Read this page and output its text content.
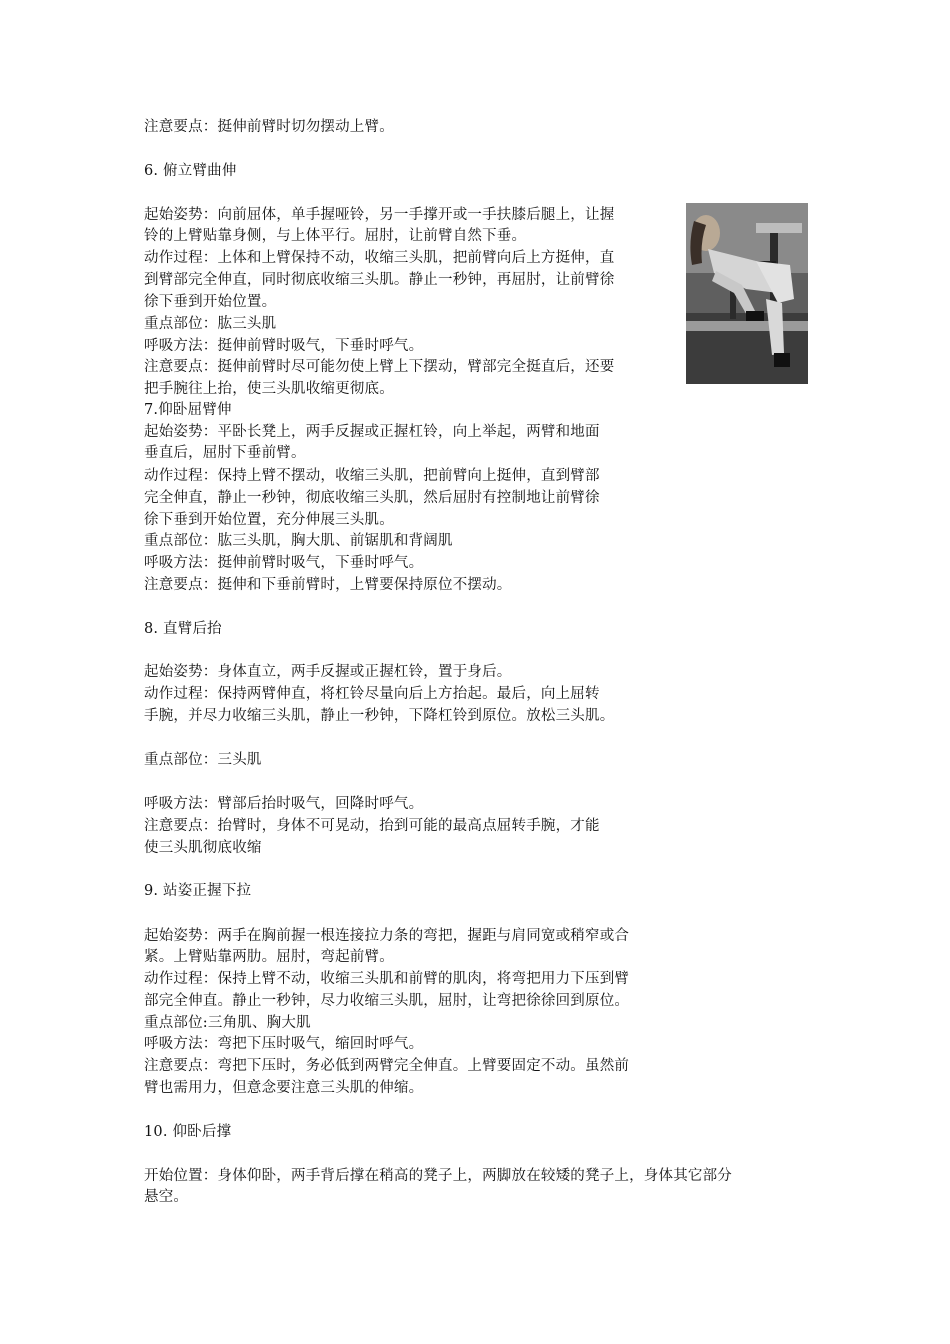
注意要点：挺伸前臂时切勿摆动上臂。
6. 俯立臂曲伸
起始姿势：向前屈体，单手握哑铃，另一手撑开或一手扶膝后腿上，让握
铃的上臂贴靠身侧，与上体平行。屈肘，让前臂自然下垂。
动作过程：上体和上臂保持不动，收缩三头肌，把前臂向后上方挺伸，直
到臂部完全伸直，同时彻底收缩三头肌。静止一秒钟，再屈肘，让前臂徐
徐下垂到开始位置。
重点部位：肱三头肌
呼吸方法：挺伸前臂时吸气，下垂时呼气。
注意要点：挺伸前臂时尽可能勿使上臂上下摆动，臂部完全挺直后，还要
把手腕往上抬，使三头肌收缩更彻底。
7.仰卧屈臂伸
起始姿势：平卧长凳上，两手反握或正握杠铃，向上举起，两臂和地面
垂直后，屈肘下垂前臂。
动作过程：保持上臂不摆动，收缩三头肌，把前臂向上挺伸，直到臂部
完全伸直，静止一秒钟，彻底收缩三头肌，然后屈肘有控制地让前臂徐
徐下垂到开始位置，充分伸展三头肌。
重点部位：肱三头肌，胸大肌、前锯肌和背阔肌
呼吸方法：挺伸前臂时吸气，下垂时呼气。
注意要点：挺伸和下垂前臂时，上臂要保持原位不摆动。
8. 直臂后抬
起始姿势：身体直立，两手反握或正握杠铃，置于身后。
动作过程：保持两臂伸直，将杠铃尽量向后上方抬起。最后，向上屈转
手腕，并尽力收缩三头肌，静止一秒钟，下降杠铃到原位。放松三头肌。
重点部位：三头肌
呼吸方法：臂部后抬时吸气，回降时呼气。
注意要点：抬臂时，身体不可晃动，抬到可能的最高点屈转手腕，才能
使三头肌彻底收缩
9. 站姿正握下拉
起始姿势：两手在胸前握一根连接拉力条的弯把，握距与肩同宽或稍窄或合
紧。上臂贴靠两肋。屈肘，弯起前臂。
动作过程：保持上臂不动，收缩三头肌和前臂的肌肉，将弯把用力下压到臂
部完全伸直。静止一秒钟，尽力收缩三头肌，屈肘，让弯把徐徐回到原位。
重点部位:三角肌、胸大肌
呼吸方法：弯把下压时吸气，缩回时呼气。
注意要点：弯把下压时，务必低到两臂完全伸直。上臂要固定不动。虽然前
臂也需用力，但意念要注意三头肌的伸缩。
10. 仰卧后撑
开始位置：身体仰卧，两手背后撑在稍高的凳子上，两脚放在较矮的凳子上，身体其它部分
悬空。
